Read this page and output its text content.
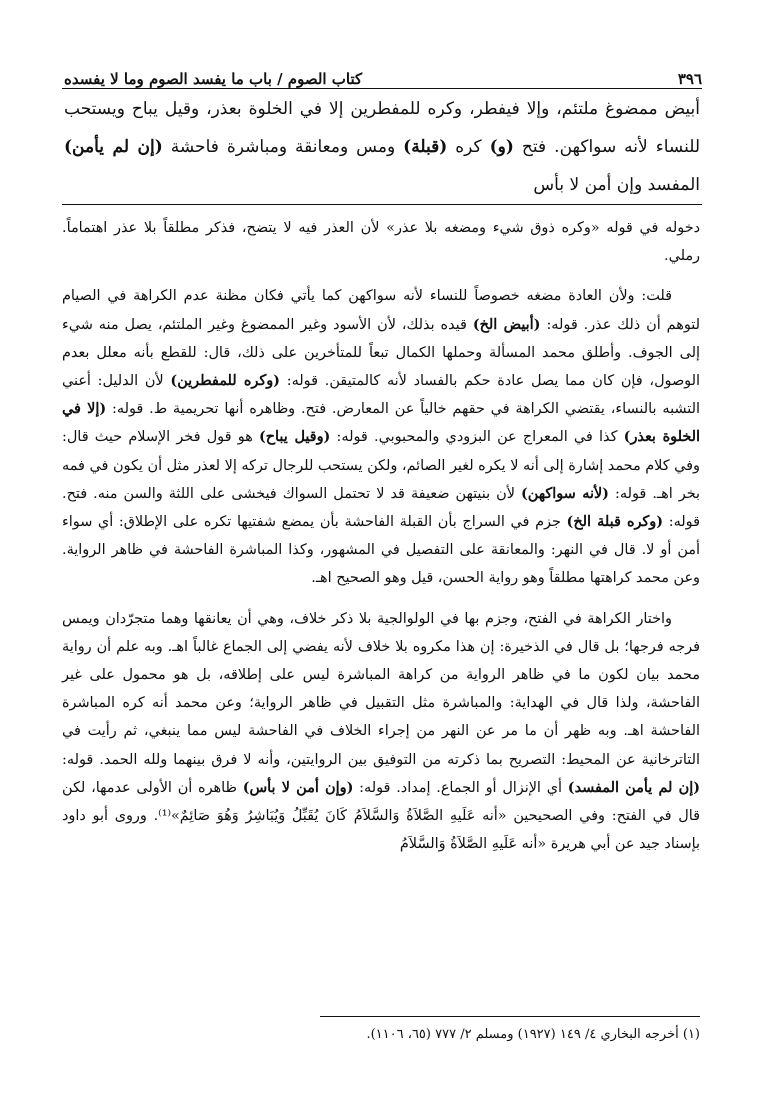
٣٩٦
كتاب الصوم / باب ما يفسد الصوم وما لا يفسده
أبيض ممضوغ ملتئم، وإلا فيفطر، وكره للمفطرين إلا في الخلوة بعذر، وقيل يباح ويستحب للنساء لأنه سواكهن. فتح (و) كره (قبلة) ومس ومعانقة ومباشرة فاحشة (إن لم يأمن) المفسد وإن أمن لا بأس

دخوله في قوله «وكره ذوق شيء ومضغه بلا عذر» لأن العذر فيه لا يتضح، فذكر مطلقاً بلا عذر اهتماماً. رملي.

قلت: ولأن العادة مضغه خصوصاً للنساء لأنه سواكهن كما يأتي فكان مظنة عدم الكراهة في الصيام لتوهم أن ذلك عذر. قوله: (أبيض الخ) قيده بذلك، لأن الأسود وغير الممضوغ وغير الملتئم، يصل منه شيء إلى الجوف. وأطلق محمد المسألة وحملها الكمال تبعاً للمتأخرين على ذلك، قال: للقطع بأنه معلل بعدم الوصول، فإن كان مما يصل عادة حكم بالفساد لأنه كالمتيقن. قوله: (وكره للمفطرين) لأن الدليل: أعني التشبه بالنساء، يقتضي الكراهة في حقهم خالياً عن المعارض. فتح. وظاهره أنها تحريمية ط. قوله: (إلا في الخلوة بعذر) كذا في المعراج عن البزودي والمحبوبي. قوله: (وقيل يباح) هو قول فخر الإسلام حيث قال: وفي كلام محمد إشارة إلى أنه لا يكره لغير الصائم، ولكن يستحب للرجال تركه إلا لعذر مثل أن يكون في فمه بخر اهـ. قوله: (لأنه سواكهن) لأن بنيتهن ضعيفة قد لا تحتمل السواك فيخشى على اللثة والسن منه. فتح. قوله: (وكره قبلة الخ) جزم في السراج بأن القبلة الفاحشة بأن يمضع شفتيها تكره على الإطلاق: أي سواء أمن أو لا. قال في النهر: والمعانقة على التفصيل في المشهور، وكذا المباشرة الفاحشة في ظاهر الرواية. وعن محمد كراهتها مطلقاً وهو رواية الحسن، قيل وهو الصحيح اهـ.

واختار الكراهة في الفتح، وجزم بها في الولوالجية بلا ذكر خلاف، وهي أن يعانقها وهما متجرّدان ويمس فرجه فرجها؛ بل قال في الذخيرة: إن هذا مكروه بلا خلاف لأنه يفضي إلى الجماع غالباً اهـ. وبه علم أن رواية محمد بيان لكون ما في ظاهر الرواية من كراهة المباشرة ليس على إطلاقه، بل هو محمول على غير الفاحشة، ولذا قال في الهداية: والمباشرة مثل التقبيل في ظاهر الرواية؛ وعن محمد أنه كره المباشرة الفاحشة اهـ. وبه ظهر أن ما مر عن النهر من إجراء الخلاف في الفاحشة ليس مما ينبغي، ثم رأيت في التاترخانية عن المحيط: التصريح بما ذكرته من التوفيق بين الروايتين، وأنه لا فرق بينهما ولله الحمد. قوله: (إن لم يأمن المفسد) أي الإنزال أو الجماع. إمداد. قوله: (وإن أمن لا بأس) ظاهره أن الأولى عدمها، لكن قال في الفتح: وفي الصحيحين «أنه عَلَيهِ الصَّلاَةُ وَالسَّلاَمُ كَانَ يُقَبِّلُ وَيُبَاشِرُ وَهُوَ صَائِمٌ»⁽¹⁾. وروى أبو داود بإسناد جيد عن أبي هريرة «أنه عَلَيهِ الصَّلاَةُ وَالسَّلاَمُ

(١) أخرجه البخاري ٤/ ١٤٩ (١٩٢٧) ومسلم ٢/ ٧٧٧ (٦٥، ١١٠٦).
